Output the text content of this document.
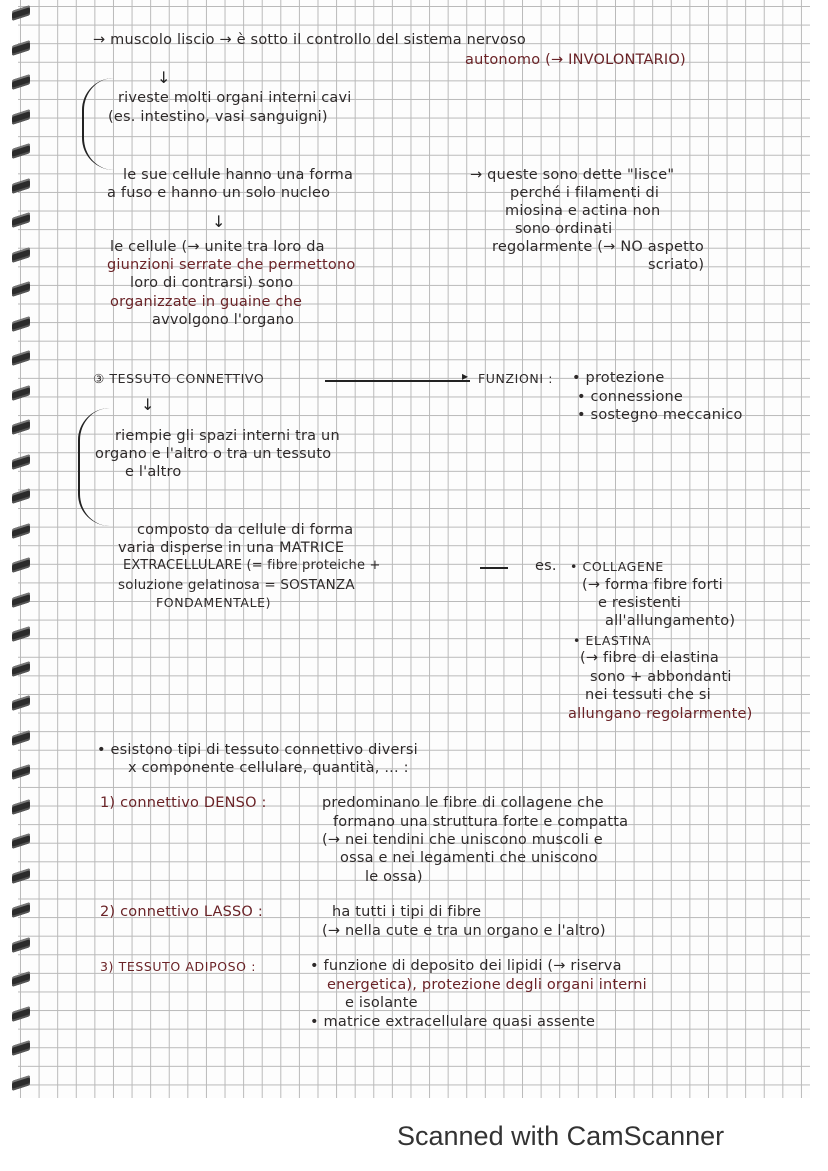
→ muscolo liscio → è sotto il controllo del sistema nervoso
autonomo (→ INVOLONTARIO)
↓
riveste molti organi interni cavi
(es. intestino, vasi sanguigni)
le sue cellule hanno una forma
a fuso e hanno un solo nucleo
→ queste sono dette "lisce"
perché i filamenti di
miosina e actina non
sono ordinati
regolarmente (→ NO aspetto
scriato)
↓
le cellule (→ unite tra loro da
giunzioni serrate che permettono
loro di contrarsi) sono
organizzate in guaine che
avvolgono l'organo
③ TESSUTO CONNETTIVO	▸ FUNZIONI : • protezione
• connessione
• sostegno meccanico
↓
riempie gli spazi interni tra un
organo e l'altro o tra un tessuto
e l'altro
composto da cellule di forma
varia disperse in una MATRICE
EXTRACELLULARE (= fibre proteiche +
soluzione gelatinosa = SOSTANZA
FONDAMENTALE)
es. • COLLAGENE
(→ forma fibre forti
e resistenti
all'allungamento)
• ELASTINA
(→ fibre di elastina
sono + abbondanti
nei tessuti che si
allungano regolarmente)
• esistono tipi di tessuto connettivo diversi
x componente cellulare, quantità, ... :
1) connettivo DENSO :	predominano le fibre di collagene che
formano una struttura forte e compatta
(→ nei tendini che uniscono muscoli e
ossa e nei legamenti che uniscono
le ossa)
2) connettivo LASSO :	ha tutti i tipi di fibre
(→ nella cute e tra un organo e l'altro)
3) TESSUTO ADIPOSO :	• funzione di deposito dei lipidi (→ riserva
energetica), protezione degli organi interni
e isolante
• matrice extracellulare quasi assente
Scanned with CamScanner
